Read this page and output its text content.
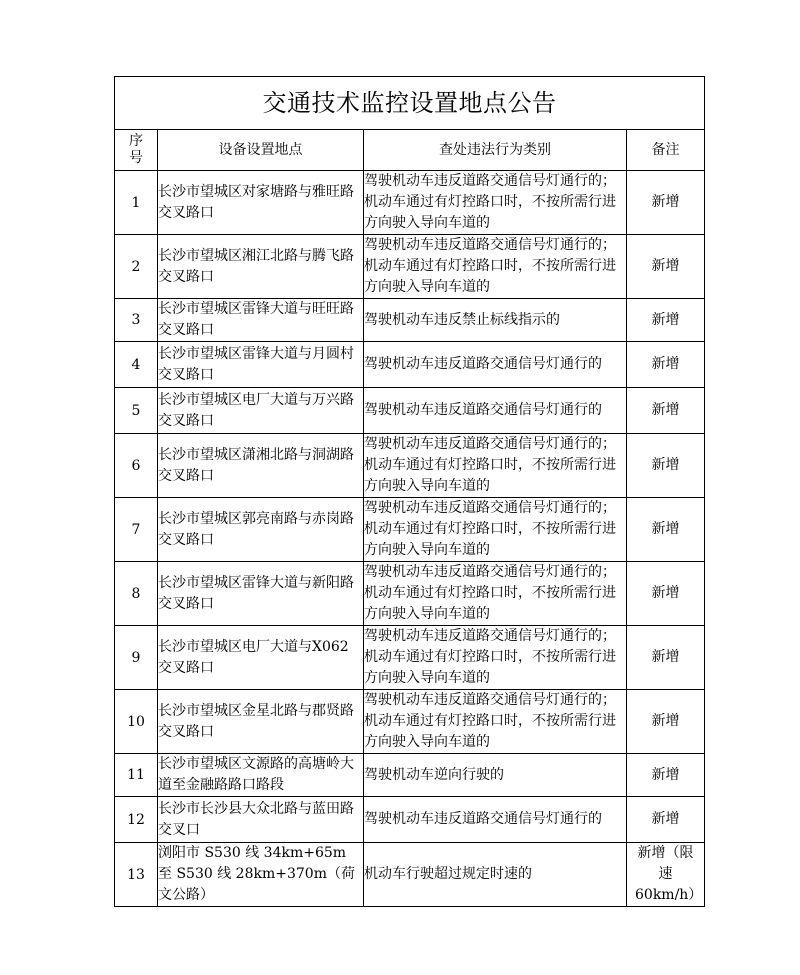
交通技术监控设置地点公告			
序号	设备设置地点	查处违法行为类别	备注
1	长沙市望城区对家塘路与雅旺路交叉路口	驾驶机动车违反道路交通信号灯通行的；机动车通过有灯控路口时，不按所需行进方向驶入导向车道的	新增
2	长沙市望城区湘江北路与腾飞路交叉路口	驾驶机动车违反道路交通信号灯通行的；机动车通过有灯控路口时，不按所需行进方向驶入导向车道的	新增
3	长沙市望城区雷锋大道与旺旺路交叉路口	驾驶机动车违反禁止标线指示的	新增
4	长沙市望城区雷锋大道与月圆村交叉路口	驾驶机动车违反道路交通信号灯通行的	新增
5	长沙市望城区电厂大道与万兴路交叉路口	驾驶机动车违反道路交通信号灯通行的	新增
6	长沙市望城区潇湘北路与洞湖路交叉路口	驾驶机动车违反道路交通信号灯通行的；机动车通过有灯控路口时，不按所需行进方向驶入导向车道的	新增
7	长沙市望城区郭亮南路与赤岗路交叉路口	驾驶机动车违反道路交通信号灯通行的；机动车通过有灯控路口时，不按所需行进方向驶入导向车道的	新增
8	长沙市望城区雷锋大道与新阳路交叉路口	驾驶机动车违反道路交通信号灯通行的；机动车通过有灯控路口时，不按所需行进方向驶入导向车道的	新增
9	长沙市望城区电厂大道与X062 交叉路口	驾驶机动车违反道路交通信号灯通行的；机动车通过有灯控路口时，不按所需行进方向驶入导向车道的	新增
10	长沙市望城区金星北路与郡贤路交叉路口	驾驶机动车违反道路交通信号灯通行的；机动车通过有灯控路口时，不按所需行进方向驶入导向车道的	新增
11	长沙市望城区文源路的高塘岭大道至金融路路口路段	驾驶机动车逆向行驶的	新增
12	长沙市长沙县大众北路与蓝田路交叉口	驾驶机动车违反道路交通信号灯通行的	新增
13	浏阳市 S530 线 34km+65m 至 S530 线 28km+370m（荷文公路）	机动车行驶超过规定时速的	新增（限速60km/h）
